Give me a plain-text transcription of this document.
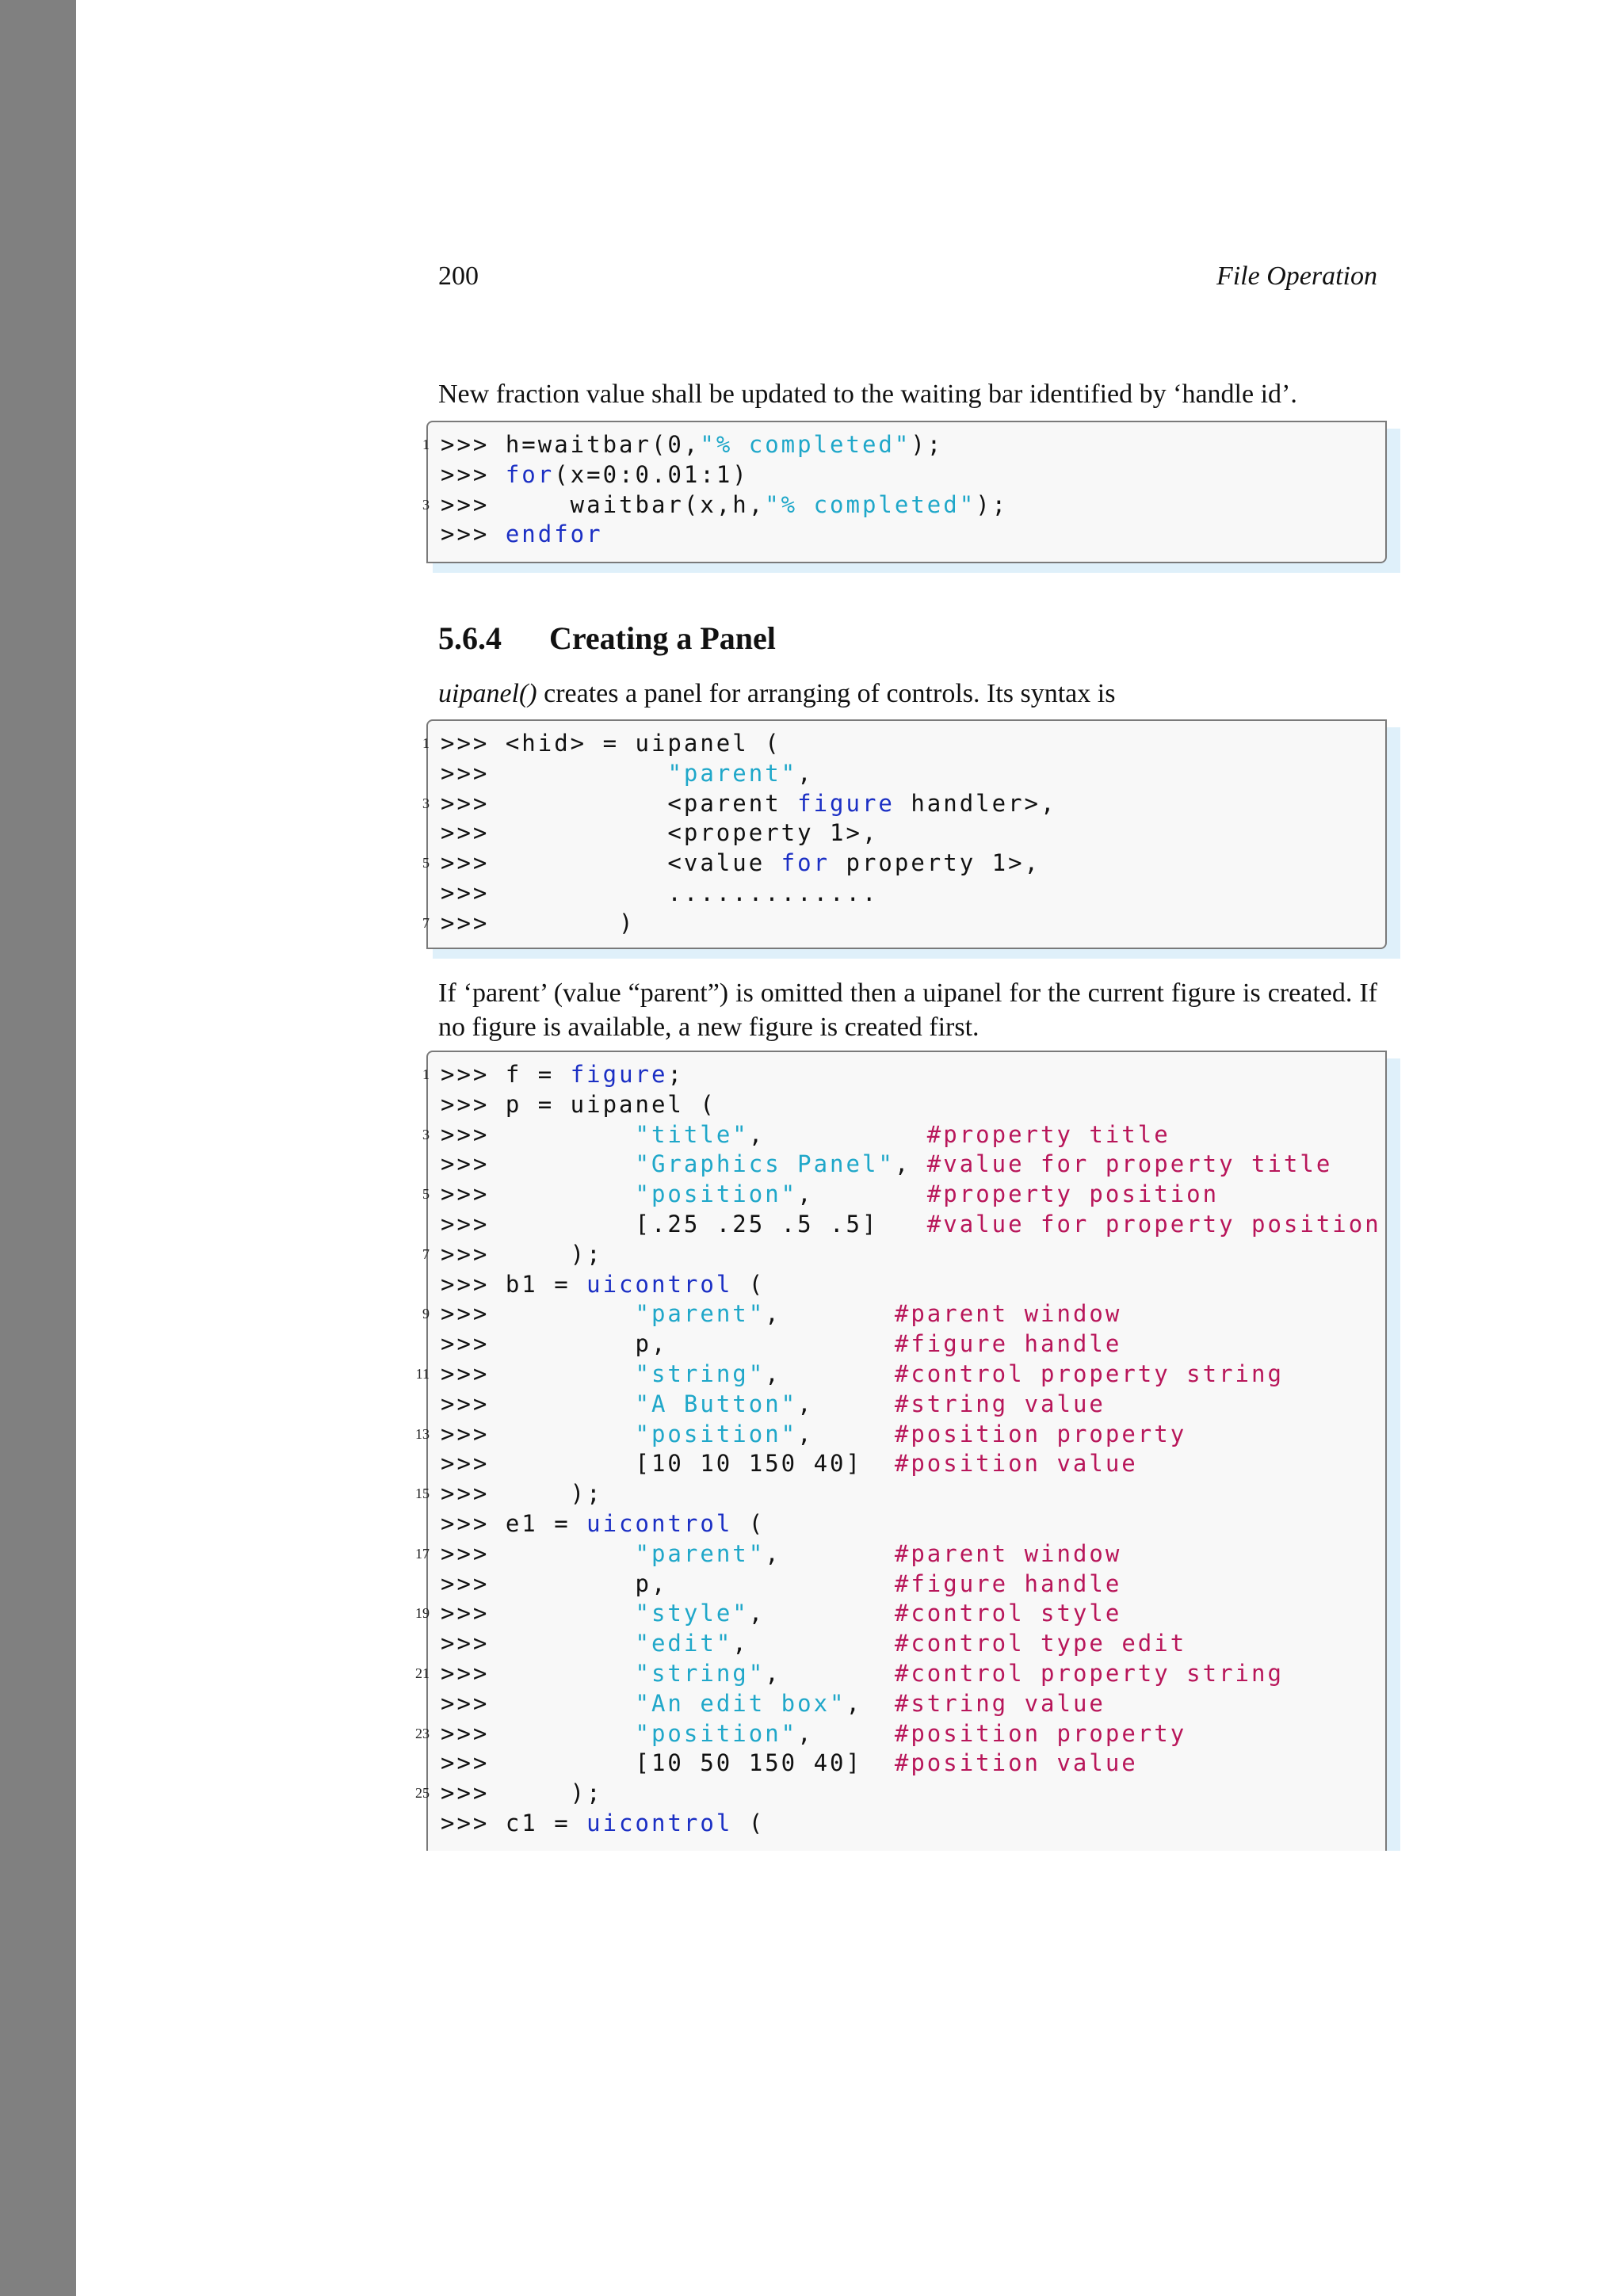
200	File Operation

New fraction value shall be updated to the waiting bar identified by ‘handle id’.

1 >>> h=waitbar(0,"% completed");
>>> for(x=0:0.01:1)
3 >>>     waitbar(x,h,"% completed");
>>> endfor
5.6.4 Creating a Panel

uipanel() creates a panel for arranging of controls. Its syntax is

1 >>> <hid> = uipanel (
>>>           "parent",
3 >>>           <parent figure handler>,
>>>           <property 1>,
5 >>>           <value for property 1>,
>>>           .............
7 >>>        )

If ‘parent’ (value “parent”) is omitted then a uipanel for the current figure is created. If no figure is available, a new figure is created first.

1 >>> f = figure;
>>> p = uipanel (
3 >>>         "title",          #property title
>>>         "Graphics Panel", #value for property title
5 >>>         "position",       #property position
>>>         [.25 .25 .5 .5]   #value for property position
7 >>>     );
>>> b1 = uicontrol (
9 >>>         "parent",       #parent window
>>>         p,              #figure handle
11 >>>         "string",       #control property string
>>>         "A Button",     #string value
13 >>>         "position",     #position property
>>>         [10 10 150 40]  #position value
15 >>>     );
>>> e1 = uicontrol (
17 >>>         "parent",       #parent window
>>>         p,              #figure handle
19 >>>         "style",        #control style
>>>         "edit",         #control type edit
21 >>>         "string",       #control property string
>>>         "An edit box",  #string value
23 >>>         "position",     #position property
>>>         [10 50 150 40]  #position value
25 >>>     );
>>> c1 = uicontrol (
